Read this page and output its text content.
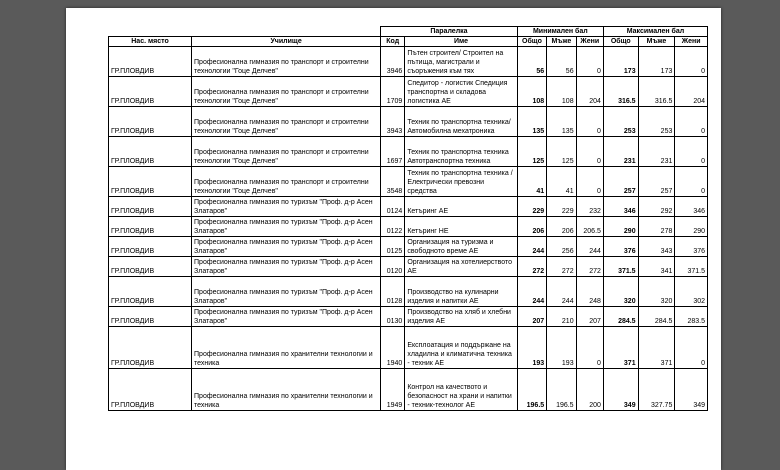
		Паралелка		Минимален бал			Максимален бал		
Нас. място	Училище	Код	Име	Общо	Мъже	Жени	Общо	Мъже	Жени
ГР.ПЛОВДИВ	Професионална гимназия по транспорт и строителни технологии "Гоце Делчев"	3946	Пътен строител/ Строител на пътища, магистрали и съоръжения към тях	56	56	0	173	173	0
ГР.ПЛОВДИВ	Професионална гимназия по транспорт и строителни технологии "Гоце Делчев"	1709	Спедитор - логистик Спедиция транспортна и складова логистика АЕ	108	108	204	316.5	316.5	204
ГР.ПЛОВДИВ	Професионална гимназия по транспорт и строителни технологии "Гоце Делчев"	3943	Техник по транспортна техника/ Автомобилна мехатроника	135	135	0	253	253	0
ГР.ПЛОВДИВ	Професионална гимназия по транспорт и строителни технологии "Гоце Делчев"	1697	Техник по транспортна техника Автотранспортна техника	125	125	0	231	231	0
ГР.ПЛОВДИВ	Професионална гимназия по транспорт и строителни технологии "Гоце Делчев"	3548	Техник по транспортна техника / Електрически превозни средства	41	41	0	257	257	0
ГР.ПЛОВДИВ	Професионална гимназия по туризъм "Проф. д-р Асен Златаров"	0124	Кетъринг АЕ	229	229	232	346	292	346
ГР.ПЛОВДИВ	Професионална гимназия по туризъм "Проф. д-р Асен Златаров"	0122	Кетъринг НЕ	206	206	206.5	290	278	290
ГР.ПЛОВДИВ	Професионална гимназия по туризъм "Проф. д-р Асен Златаров"	0125	Организация на туризма и свободното време АЕ	244	256	244	376	343	376
ГР.ПЛОВДИВ	Професионална гимназия по туризъм "Проф. д-р Асен Златаров"	0120	Организация на хотелиерството АЕ	272	272	272	371.5	341	371.5
ГР.ПЛОВДИВ	Професионална гимназия по туризъм "Проф. д-р Асен Златаров"	0128	Производство на кулинарни изделия и напитки АЕ	244	244	248	320	320	302
ГР.ПЛОВДИВ	Професионална гимназия по туризъм "Проф. д-р Асен Златаров"	0130	Производство на хляб и хлебни изделия АЕ	207	210	207	284.5	284.5	283.5
ГР.ПЛОВДИВ	Професионална гимназия по хранителни технологии и техника	1940	Експлоатация и поддържане на хладилна и климатична техника - техник АЕ	193	193	0	371	371	0
ГР.ПЛОВДИВ	Професионална гимназия по хранителни технологии и техника	1949	Контрол на качеството и безопасност на храни и напитки - техник-технолог АЕ	196.5	196.5	200	349	327.75	349
